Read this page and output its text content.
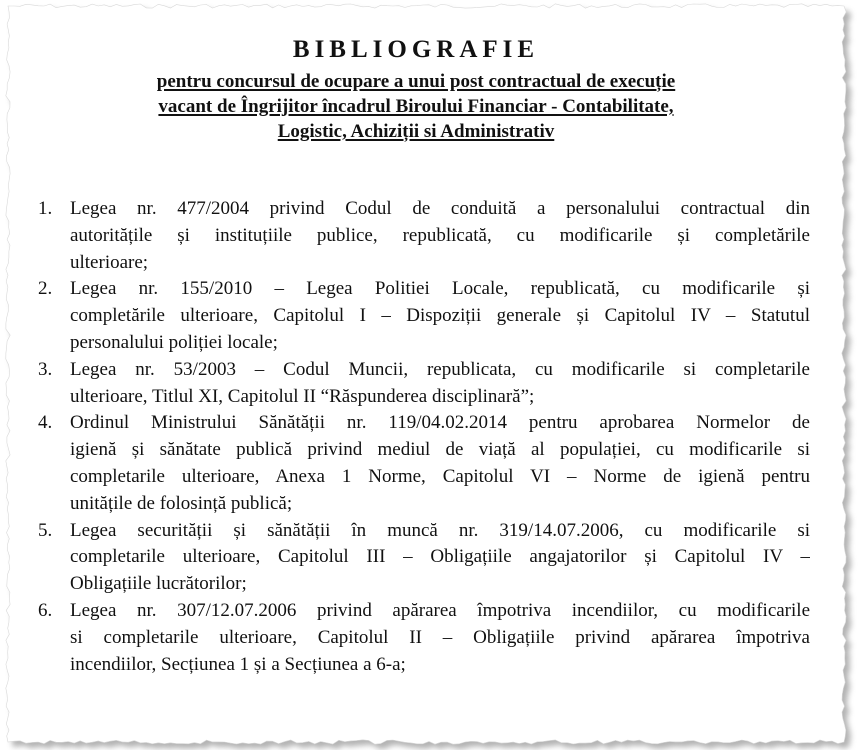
BIBLIOGRAFIE
pentru concursul de ocupare a unui post contractual de execuție
vacant de Îngrijitor încadrul Biroului Financiar - Contabilitate,
Logistic, Achiziții si Administrativ
1. Legea nr. 477/2004 privind Codul de conduită a personalului contractual din
autoritățile și instituțiile publice, republicată, cu modificarile și completările
ulterioare;
2. Legea nr. 155/2010 – Legea Politiei Locale, republicată, cu modificarile și
completările ulterioare, Capitolul I – Dispoziții generale și Capitolul IV – Statutul
personalului poliției locale;
3. Legea nr. 53/2003 – Codul Muncii, republicata, cu modificarile si completarile
ulterioare, Titlul XI, Capitolul II “Răspunderea disciplinară”;
4. Ordinul Ministrului Sănătății nr. 119/04.02.2014 pentru aprobarea Normelor de
igienă și sănătate publică privind mediul de viață al populației, cu modificarile si
completarile ulterioare, Anexa 1 Norme, Capitolul VI – Norme de igienă pentru
unitățile de folosință publică;
5. Legea securității și sănătății în muncă nr. 319/14.07.2006, cu modificarile si
completarile ulterioare, Capitolul III – Obligațiile angajatorilor și Capitolul IV –
Obligațiile lucrătorilor;
6. Legea nr. 307/12.07.2006 privind apărarea împotriva incendiilor, cu modificarile
si completarile ulterioare, Capitolul II – Obligațiile privind apărarea împotriva
incendiilor, Secțiunea 1 și a Secțiunea a 6-a;
